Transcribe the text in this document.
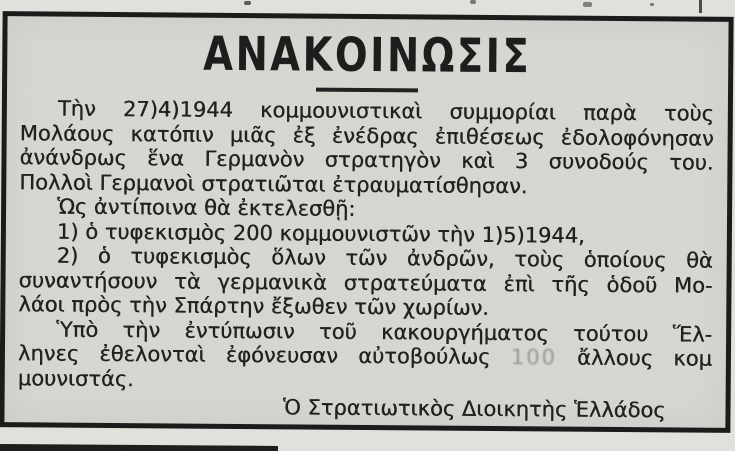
ΑΝΑΚΟΙΝΩΣΙΣ
Τὴν 27)4)1944 κομμουνιστικαὶ συμμορίαι παρὰ τοὺς
Μολάους κατόπιν μιᾶς ἐξ ἐνέδρας ἐπιθέσεως ἐδολοφόνησαν
ἀνάνδρως ἕνα Γερμανὸν στρατηγὸν καὶ 3 συνοδούς του.
Πολλοὶ Γερμανοὶ στρατιῶται ἐτραυματίσθησαν.
Ὡς ἀντίποινα θὰ ἐκτελεσθῇ:
1) ὁ τυφεκισμὸς 200 κομμουνιστῶν τὴν 1)5)1944,
2) ὁ τυφεκισμὸς ὅλων τῶν ἀνδρῶν, τοὺς ὁποίους θὰ
συναντήσουν τὰ γερμανικὰ στρατεύματα ἐπὶ τῆς ὁδοῦ Μο-
λάοι πρὸς τὴν Σπάρτην ἔξωθεν τῶν χωρίων.
Ὑπὸ τὴν ἐντύπωσιν τοῦ κακουργήματος τούτου Ἕλ-
ληνες ἐθελονταὶ ἐφόνευσαν αὐτοβούλως 100 ἄλλους κομ
μουνιστάς.
Ὁ Στρατιωτικὸς Διοικητὴς Ἑλλάδος
